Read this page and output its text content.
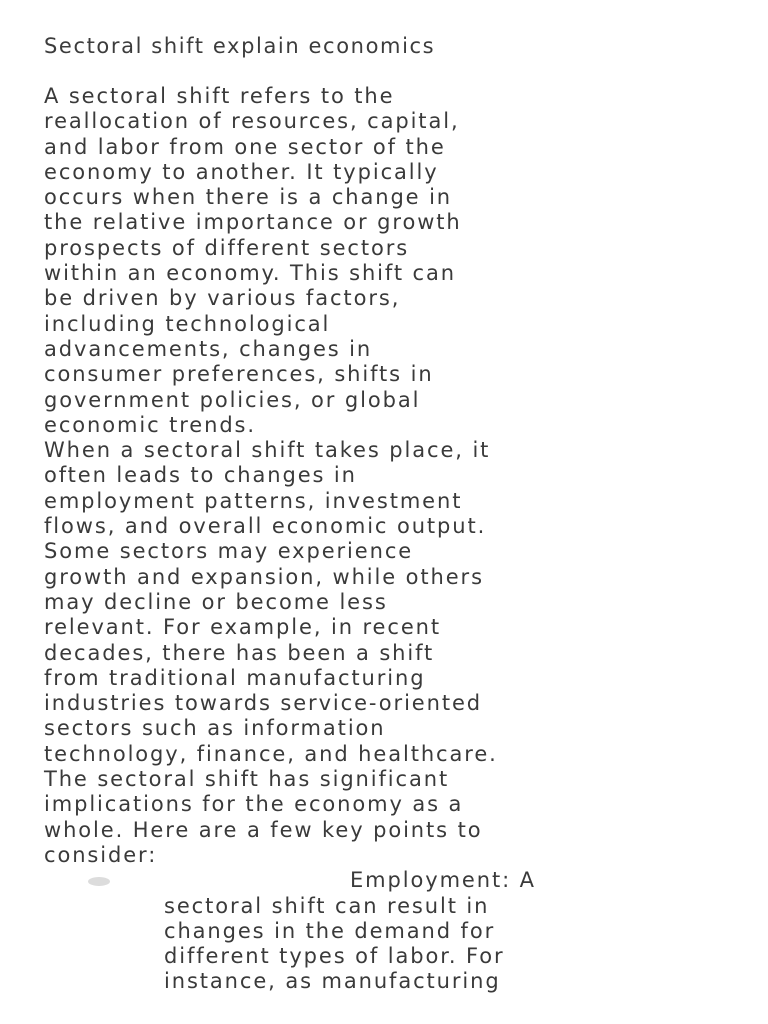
Sectoral shift explain economics

A sectoral shift refers to the
reallocation of resources, capital,
and labor from one sector of the
economy to another. It typically
occurs when there is a change in
the relative importance or growth
prospects of different sectors
within an economy. This shift can
be driven by various factors,
including technological
advancements, changes in
consumer preferences, shifts in
government policies, or global
economic trends.

When a sectoral shift takes place, it
often leads to changes in
employment patterns, investment
flows, and overall economic output.
Some sectors may experience
growth and expansion, while others
may decline or become less
relevant. For example, in recent
decades, there has been a shift
from traditional manufacturing
industries towards service-oriented
sectors such as information
technology, finance, and healthcare.

The sectoral shift has significant
implications for the economy as a
whole. Here are a few key points to
consider:

Employment: A
sectoral shift can result in
changes in the demand for
different types of labor. For
instance, as manufacturing
